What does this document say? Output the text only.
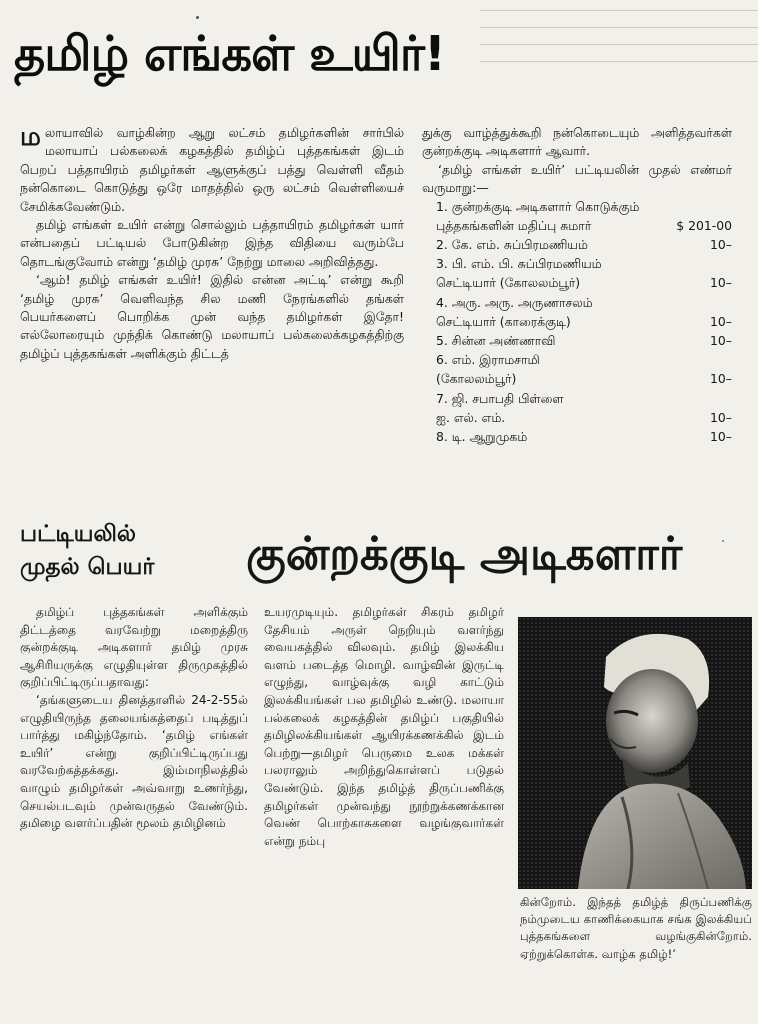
தமிழ் எங்கள் உயிர்!

ம லாயாவில் வாழ்கின்ற ஆறு லட்சம் தமிழர்களின் சார்பில் மலாயாப் பல்கலைக் கழகத்தில் தமிழ்ப் புத்தகங்கள் இடம் பெறப் பத்தாயிரம் தமிழர்கள் ஆளுக்குப் பத்து வெள்ளி வீதம் நன்கொடை கொடுத்து ஒரே மாதத்தில் ஒரு லட்சம் வெள்ளியைச் சேமிக்கவேண்டும்.

தமிழ் எங்கள் உயிர் என்று சொல்லும் பத்தாயிரம் தமிழர்கள் யார் என்பதைப் பட்டியல் போடுகின்ற இந்த விதியை வரும்பே தொடங்குவோம் என்று ‘தமிழ் முரசு’ நேற்று மாலை அறிவித்தது.

‘ஆம்! தமிழ் எங்கள் உயிர்! இதில் என்ன அட்டி’ என்று கூறி ‘தமிழ் முரசு’ வெளிவந்த சில மணி நேரங்களில் தங்கள் பெயர்களைப் பொறிக்க முன் வந்த தமிழர்கள் இதோ! எல்லோரையும் முந்திக் கொண்டு மலாயாப் பல்கலைக்கழகத்திற்கு தமிழ்ப் புத்தகங்கள் அளிக்கும் திட்டத்

துக்கு வாழ்த்துக்கூறி நன்கொடையும் அளித்தவர்கள் குன்றக்குடி அடிகளார் ஆவார்.

‘தமிழ் எங்கள் உயிர்’ பட்டியலின் முதல் எண்மர் வருமாறு:—

1. குன்றக்குடி அடிகளார் கொடுக்கும்
புத்தகங்களின் மதிப்பு சுமார்	$ 201-00
2. கே. எம். சுப்பிரமணியம்	10–
3. பி. எம். பி. சுப்பிரமணியம்
செட்டியார் (கோலலம்பூர்)	10–
4. அரு. அரு. அருணாசலம்
செட்டியார் (காரைக்குடி)	10–
5. சின்ன அண்ணாவி	10–
6. எம். இராமசாமி
(கோலலம்பூர்)	10–
7. ஜி. சபாபதி பிள்ளை
ஐ. எல். எம்.	10–
8. டி. ஆறுமுகம்	10–
பட்டியலில்
முதல் பெயர் குன்றக்குடி அடிகளார்

தமிழ்ப் புத்தகங்கள் அளிக்கும் திட்டத்தை வரவேற்று மறைத்திரு குன்றக்குடி அடிகளார் தமிழ் முரசு ஆசிரியருக்கு எழுதியுள்ள திருமுகத்தில் குறிப்பிட்டிருப்பதாவது:

‘தங்களுடைய தினத்தாளில் 24-2-55ல் எழுதியிருந்த தலையங்கத்தைப் படித்துப் பார்த்து மகிழ்ந்தோம். ‘தமிழ் எங்கள் உயிர்’ என்று குறிப்பிட்டிருப்பது வரவேற்கத்தக்கது. இம்மாநிலத்தில் வாழும் தமிழர்கள் அவ்வாறு உணர்ந்து, செயல்படவும் முன்வருதல் வேண்டும். தமிழை வளர்ப்பதின் மூலம் தமிழினம்

உயரமுடியும். தமிழர்கள் சிகரம் தமிழர் தேசியம் அருள் நெறியும் வளர்ந்து வையகத்தில் விலவும். தமிழ் இலக்கிய வளம் படைத்த மொழி. வாழ்வின் இருட்டி எழுந்து, வாழ்வுக்கு வழி காட்டும் இலக்கியங்கள் பல தமிழில் உண்டு. மலாயா பல்கலைக் கழகத்தின் தமிழ்ப் பகுதியில் தமிழிலக்கியங்கள் ஆயிரக்கணக்கில் இடம் பெற்று—தமிழர் பெருமை உலக மக்கள் பலராலும் அறிந்துகொள்ளப் படுதல் வேண்டும். இந்த தமிழ்த் திருப்பணிக்கு தமிழர்கள் முன்வந்து நூற்றுக்கணக்கான வெண் பொற்காசுகளை வழங்குவார்கள் என்று நம்பு

கின்றோம். இந்தத் தமிழ்த் திருப்பணிக்கு நம்முடைய காணிக்கையாக சங்க இலக்கியப் புத்தகங்களை வழங்குகின்றோம். ஏற்றுக்கொள்க. வாழ்க தமிழ்!’
